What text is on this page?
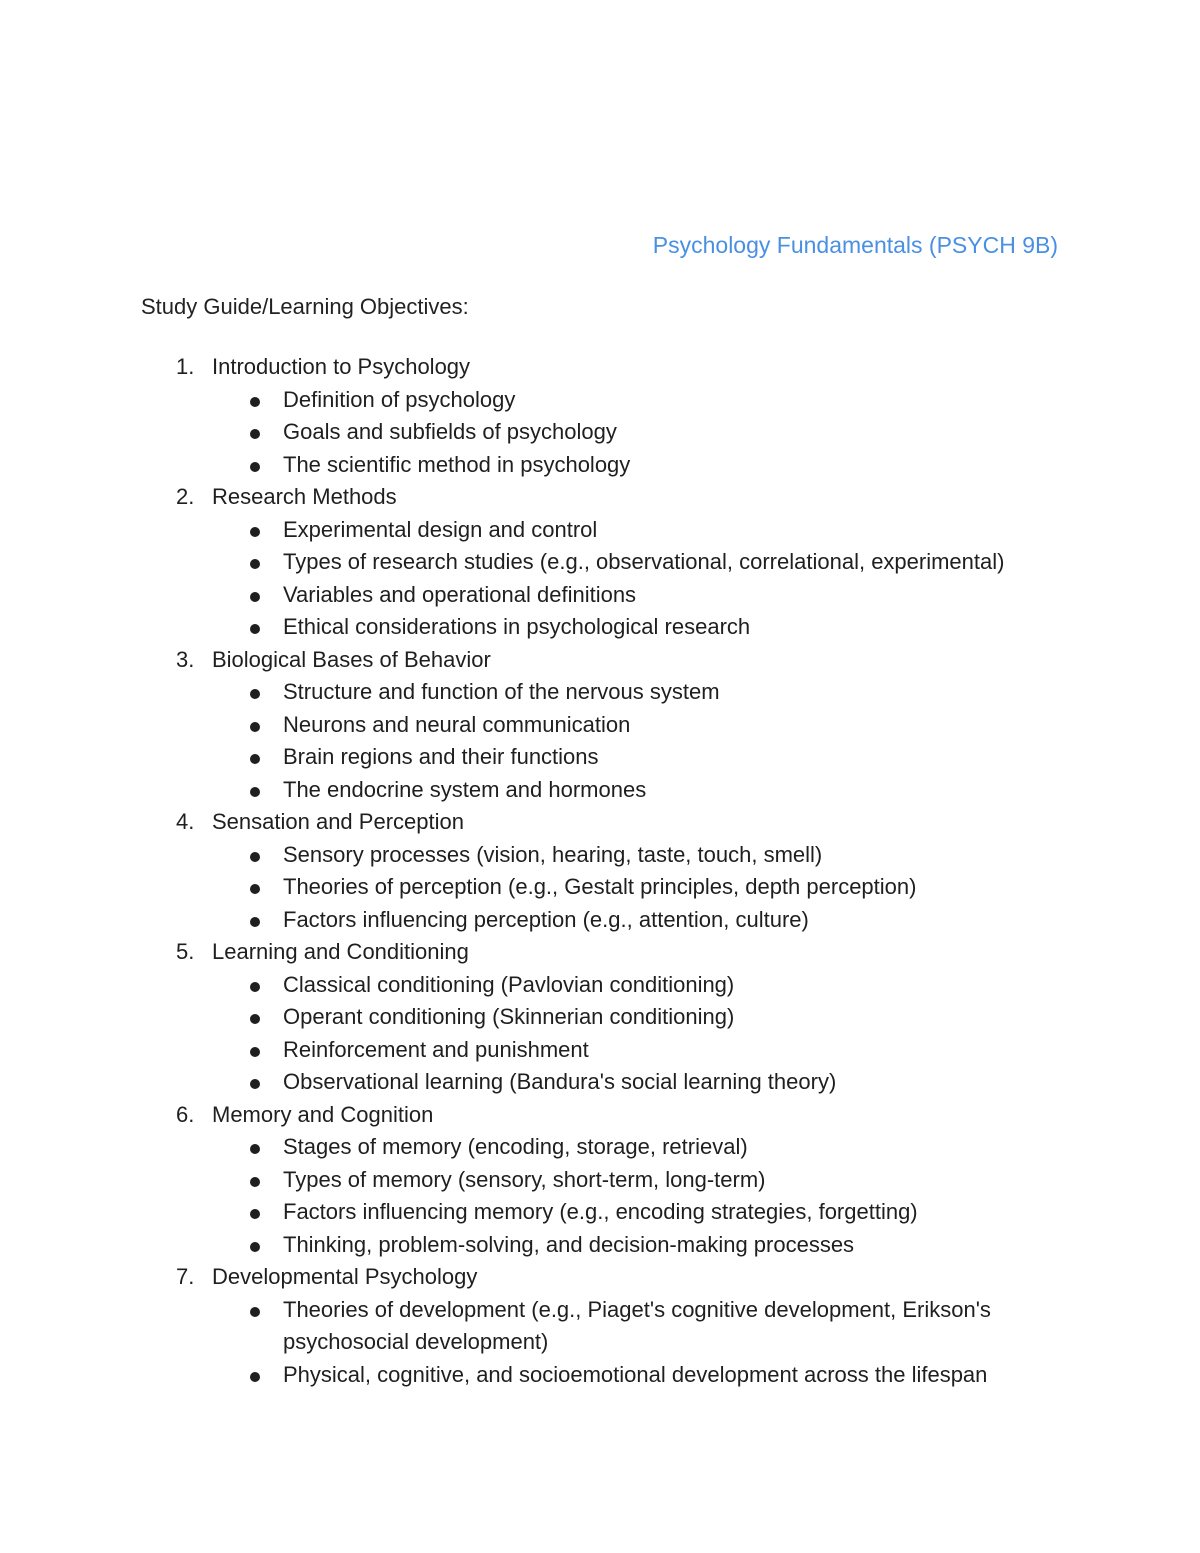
Psychology Fundamentals (PSYCH 9B)
Study Guide/Learning Objectives:
1. Introduction to Psychology
Definition of psychology
Goals and subfields of psychology
The scientific method in psychology
2. Research Methods
Experimental design and control
Types of research studies (e.g., observational, correlational, experimental)
Variables and operational definitions
Ethical considerations in psychological research
3. Biological Bases of Behavior
Structure and function of the nervous system
Neurons and neural communication
Brain regions and their functions
The endocrine system and hormones
4. Sensation and Perception
Sensory processes (vision, hearing, taste, touch, smell)
Theories of perception (e.g., Gestalt principles, depth perception)
Factors influencing perception (e.g., attention, culture)
5. Learning and Conditioning
Classical conditioning (Pavlovian conditioning)
Operant conditioning (Skinnerian conditioning)
Reinforcement and punishment
Observational learning (Bandura's social learning theory)
6. Memory and Cognition
Stages of memory (encoding, storage, retrieval)
Types of memory (sensory, short-term, long-term)
Factors influencing memory (e.g., encoding strategies, forgetting)
Thinking, problem-solving, and decision-making processes
7. Developmental Psychology
Theories of development (e.g., Piaget's cognitive development, Erikson's psychosocial development)
Physical, cognitive, and socioemotional development across the lifespan
